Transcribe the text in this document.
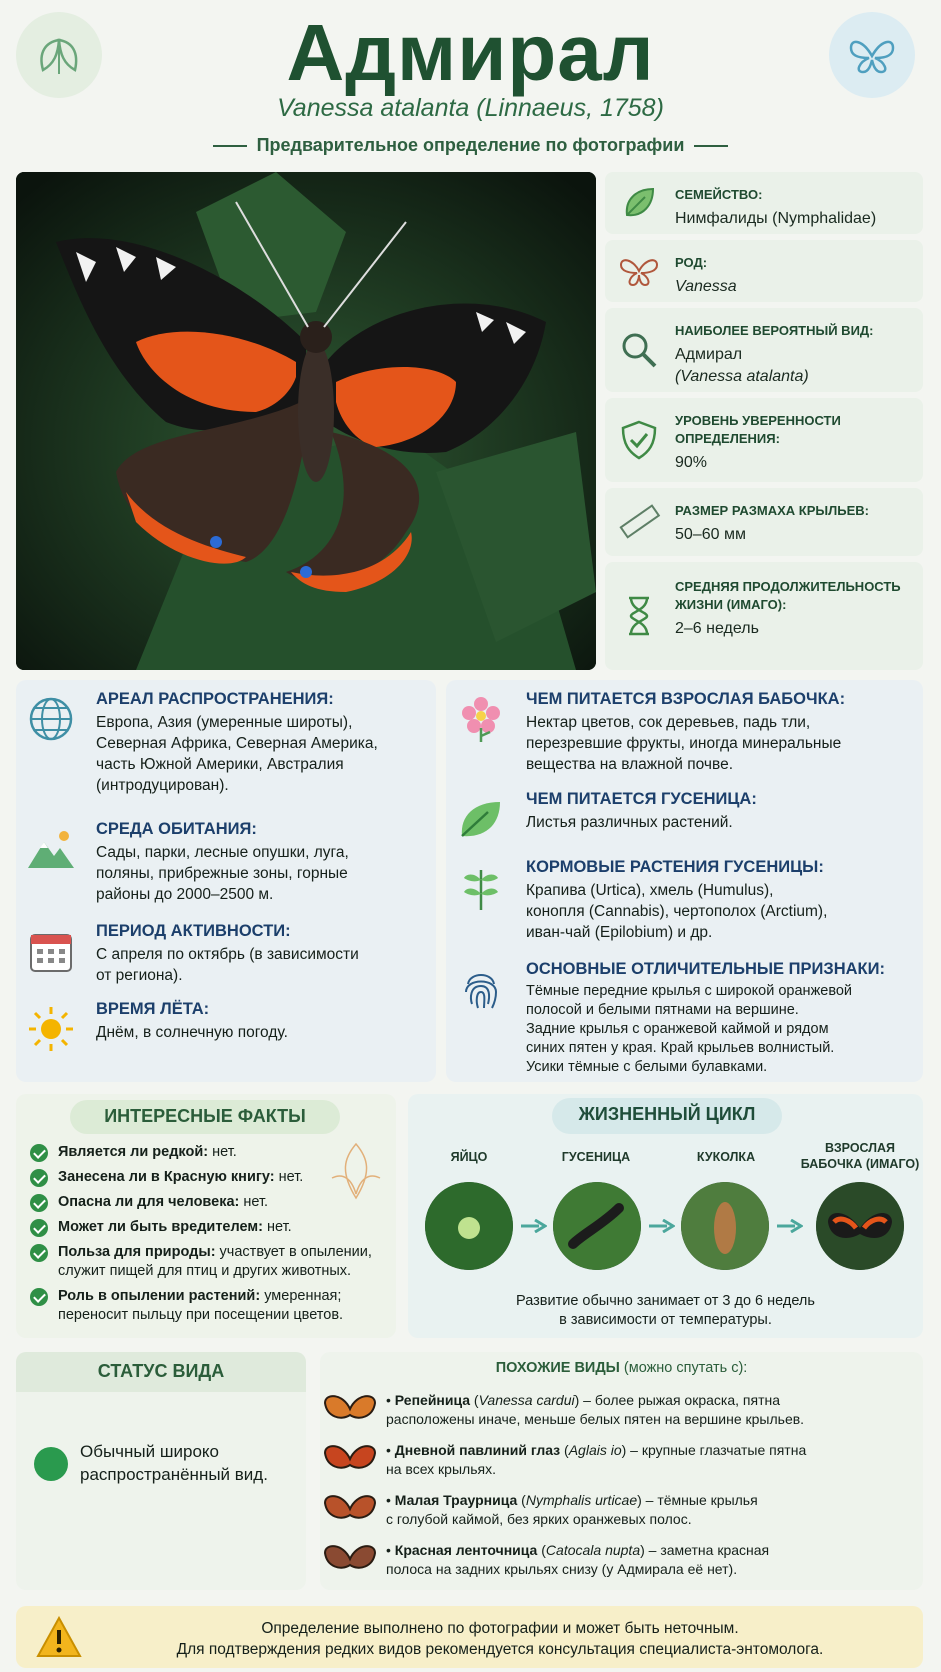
Адмирал
Vanessa atalanta (Linnaeus, 1758)
Предварительное определение по фотографии
СЕМЕЙСТВО:
Нимфалиды (Nymphalidae)
РОД:
Vanessa
НАИБОЛЕЕ ВЕРОЯТНЫЙ ВИД:
Адмирал
(Vanessa atalanta)
УРОВЕНЬ УВЕРЕННОСТИ
ОПРЕДЕЛЕНИЯ:
90%
РАЗМЕР РАЗМАХА КРЫЛЬЕВ:
50–60 мм
СРЕДНЯЯ ПРОДОЛЖИТЕЛЬНОСТЬ
ЖИЗНИ (ИМАГО):
2–6 недель
АРЕАЛ РАСПРОСТРАНЕНИЯ:
Европа, Азия (умеренные широты),
Северная Африка, Северная Америка,
часть Южной Америки, Австралия
(интродуцирован).
СРЕДА ОБИТАНИЯ:
Сады, парки, лесные опушки, луга,
поляны, прибрежные зоны, горные
районы до 2000–2500 м.
ПЕРИОД АКТИВНОСТИ:
С апреля по октябрь (в зависимости
от региона).
ВРЕМЯ ЛЁТА:
Днём, в солнечную погоду.
ЧЕМ ПИТАЕТСЯ ВЗРОСЛАЯ БАБОЧКА:
Нектар цветов, сок деревьев, падь тли,
перезревшие фрукты, иногда минеральные
вещества на влажной почве.
ЧЕМ ПИТАЕТСЯ ГУСЕНИЦА:
Листья различных растений.
КОРМОВЫЕ РАСТЕНИЯ ГУСЕНИЦЫ:
Крапива (Urtica), хмель (Humulus),
конопля (Cannabis), чертополох (Arctium),
иван-чай (Epilobium) и др.
ОСНОВНЫЕ ОТЛИЧИТЕЛЬНЫЕ ПРИЗНАКИ:
Тёмные передние крылья с широкой оранжевой
полосой и белыми пятнами на вершине.
Задние крылья с оранжевой каймой и рядом
синих пятен у края. Край крыльев волнистый.
Усики тёмные с белыми булавками.
ИНТЕРЕСНЫЕ ФАКТЫ
Является ли редкой: нет.
Занесена ли в Красную книгу: нет.
Опасна ли для человека: нет.
Может ли быть вредителем: нет.
Польза для природы: участвует в опылении,
служит пищей для птиц и других животных.
Роль в опылении растений: умеренная;
переносит пыльцу при посещении цветов.
ЖИЗНЕННЫЙ ЦИКЛ
ЯЙЦО	ГУСЕНИЦА	КУКОЛКА
ВЗРОСЛАЯ
БАБОЧКА (ИМАГО)
Развитие обычно занимает от 3 до 6 недель
в зависимости от температуры.
СТАТУС ВИДА
Обычный широко
распространённый вид.
ПОХОЖИЕ ВИДЫ (можно спутать с):
• Репейница (Vanessa cardui) – более рыжая окраска, пятна
расположены иначе, меньше белых пятен на вершине крыльев.
• Дневной павлиний глаз (Aglais io) – крупные глазчатые пятна
на всех крыльях.
• Малая Траурница (Nymphalis urticae) – тёмные крылья
с голубой каймой, без ярких оранжевых полос.
• Красная ленточница (Catocala nupta) – заметна красная
полоса на задних крыльях снизу (у Адмирала её нет).
Определение выполнено по фотографии и может быть неточным.
Для подтверждения редких видов рекомендуется консультация специалиста-энтомолога.
